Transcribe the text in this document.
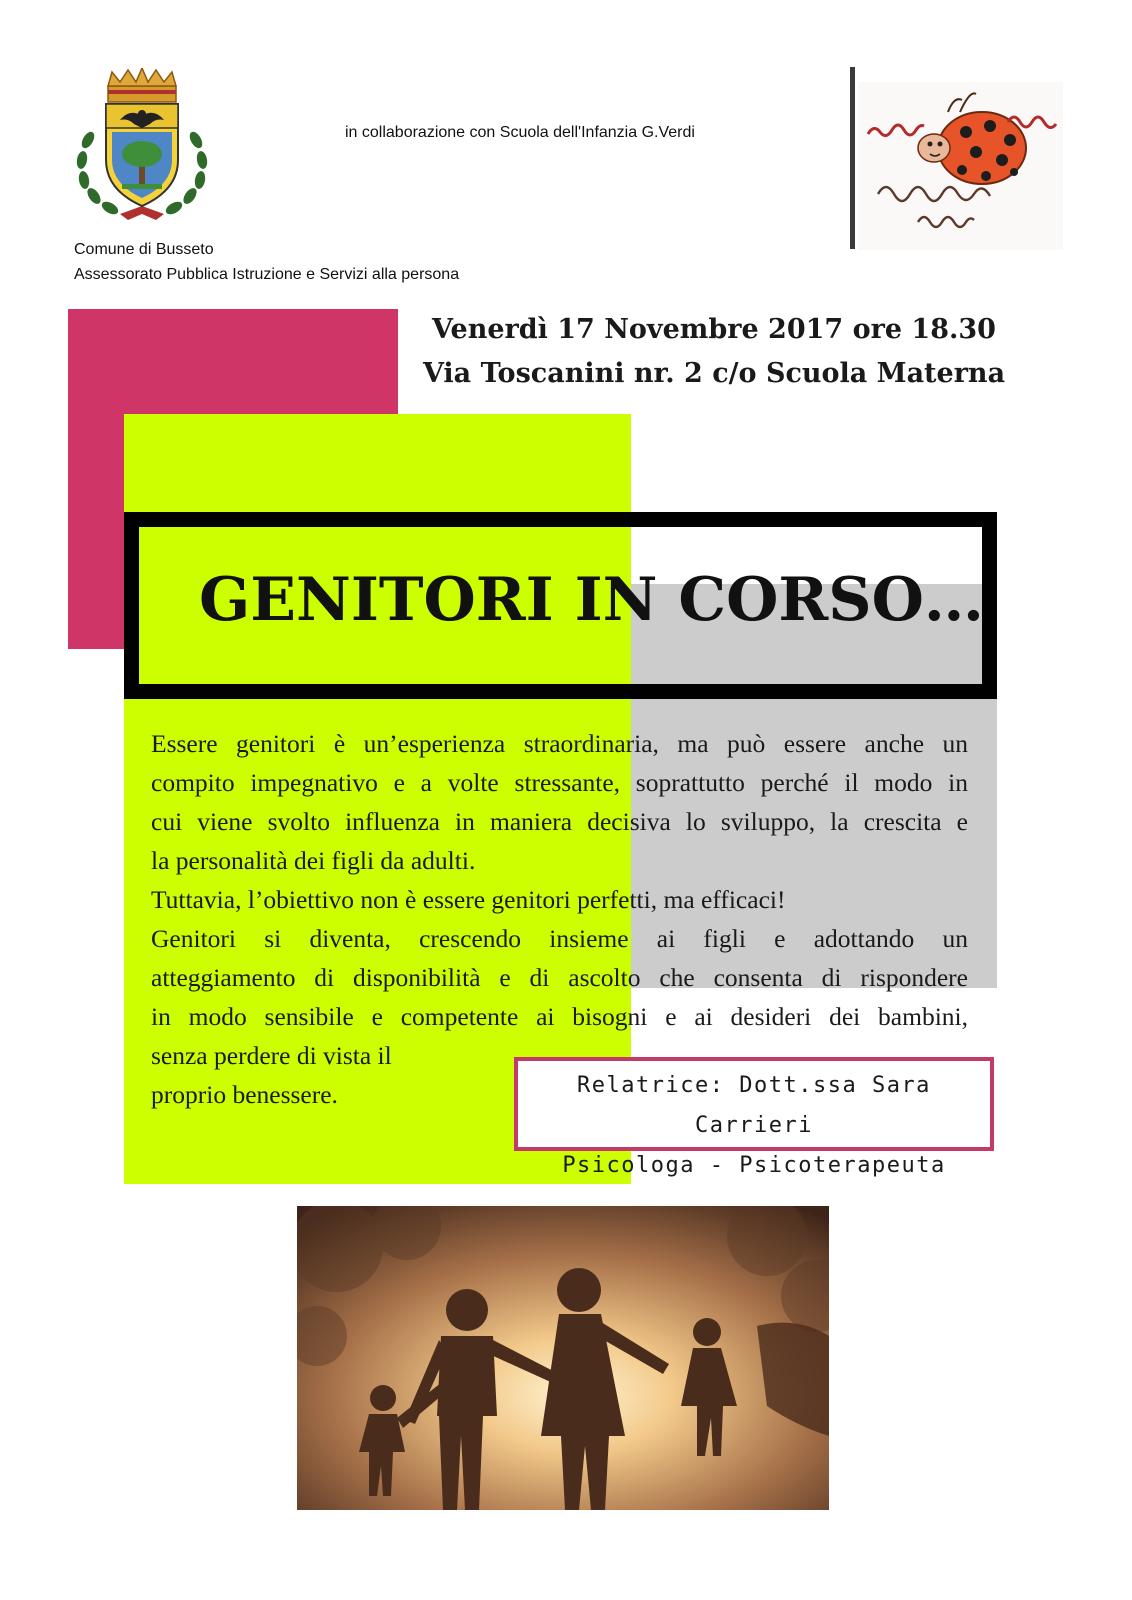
in collaborazione con Scuola dell'Infanzia G.Verdi
Comune di Busseto
Assessorato Pubblica Istruzione e Servizi alla persona
Venerdì 17 Novembre 2017 ore 18.30
Via Toscanini nr. 2 c/o Scuola Materna
GENITORI IN CORSO…

Essere genitori è un’esperienza straordinaria, ma può essere anche un

compito impegnativo e a volte stressante, soprattutto perché il modo in

cui viene svolto influenza in maniera decisiva lo sviluppo, la crescita e

la personalità dei figli da adulti.

Tuttavia, l’obiettivo non è essere genitori perfetti, ma efficaci!

Genitori si diventa, crescendo insieme ai figli e adottando un

atteggiamento di disponibilità e di ascolto che consenta di rispondere

in modo sensibile e competente ai bisogni e ai desideri dei bambini,

senza perdere di vista il

proprio benessere.	Relatrice: Dott.ssa Sara Carrieri
Psicologa - Psicoterapeuta
